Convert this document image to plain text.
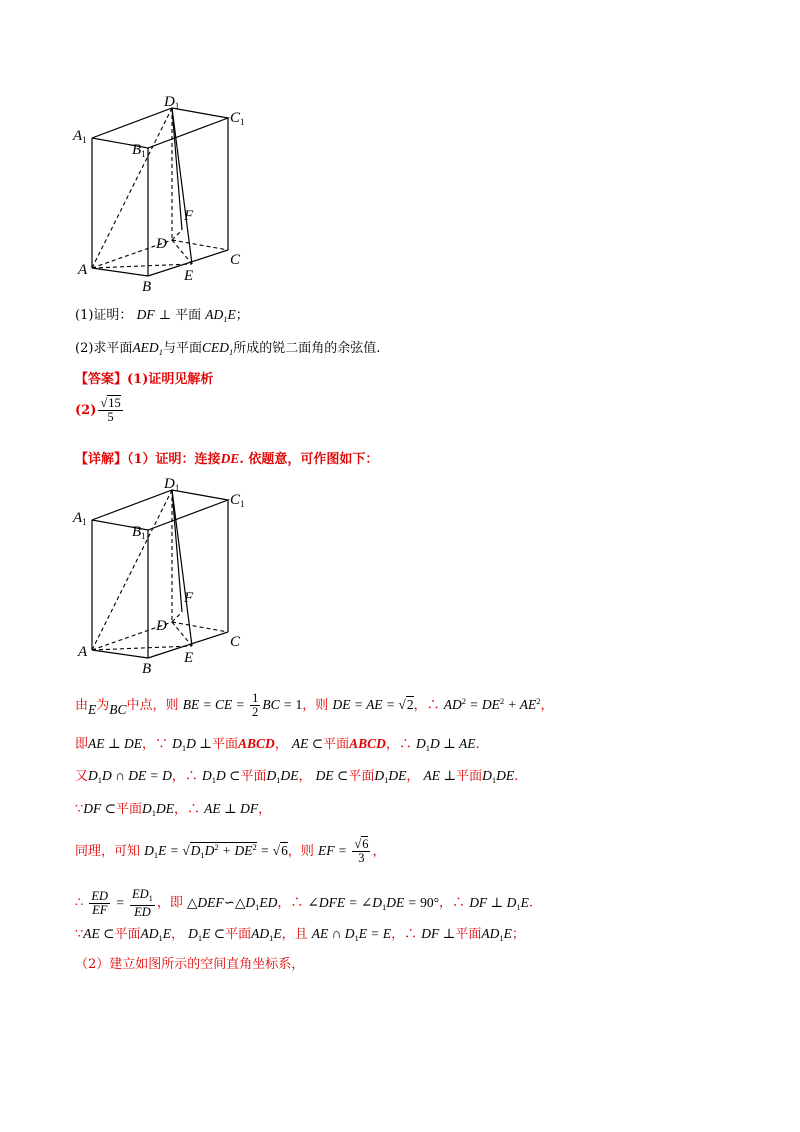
$D_1$
$C_1$
$A_1$
$B_1$
F
D
A	E
C
B
(1)证明： DF ⊥ 平面 $AD_1E$；
(2)求平面$AED_1$与平面$CED_1$所成的锐二面角的余弦值.
【答案】(1)证明见解析
$(2) \frac{√15}{5}$
【详解】（1）证明：连接DE. 依题意，可作图如下：
$D_1$
$C_1$
$A_1$
$B_1$
F
D
A	E
C
B
由E为BC中点，则 BE = CE = $\frac{1}{2}$ BC = 1，则 DE = AE = √2，∴ $AD^2 = DE^2 + AE^2$，
即AE ⊥ DE，∵ $D_1D$ ⊥平面ABCD， AE ⊂平面ABCD，∴ $D_1D$ ⊥ AE.
又$D_1D$ ∩ DE = D，∴ $D_1D$ ⊂平面$D_1DE$， DE ⊂平面$D_1DE$， AE ⊥平面$D_1DE$.
∵DF ⊂平面$D_1DE$，∴ AE ⊥ DF，
同理，可知 $D_1E = √D_1D^2 + DE^2 = √6$，则 EF = $\frac{√6}{3}$ ，
∴ $\frac{ED}{EF} = \frac{ED_1}{ED}$ ，即 $\triangle DEF∽\triangle D_1ED$，∴ ∠DFE = $\angle D_1DE = 90^\circ$，∴ DF ⊥ $D_1E$.
∵AE ⊂平面$AD_1E$， $D_1E$ ⊂平面$AD_1E$，且 AE ∩ $D_1E = E$，∴ DF ⊥平面$AD_1E$；
（2）建立如图所示的空间直角坐标系，
